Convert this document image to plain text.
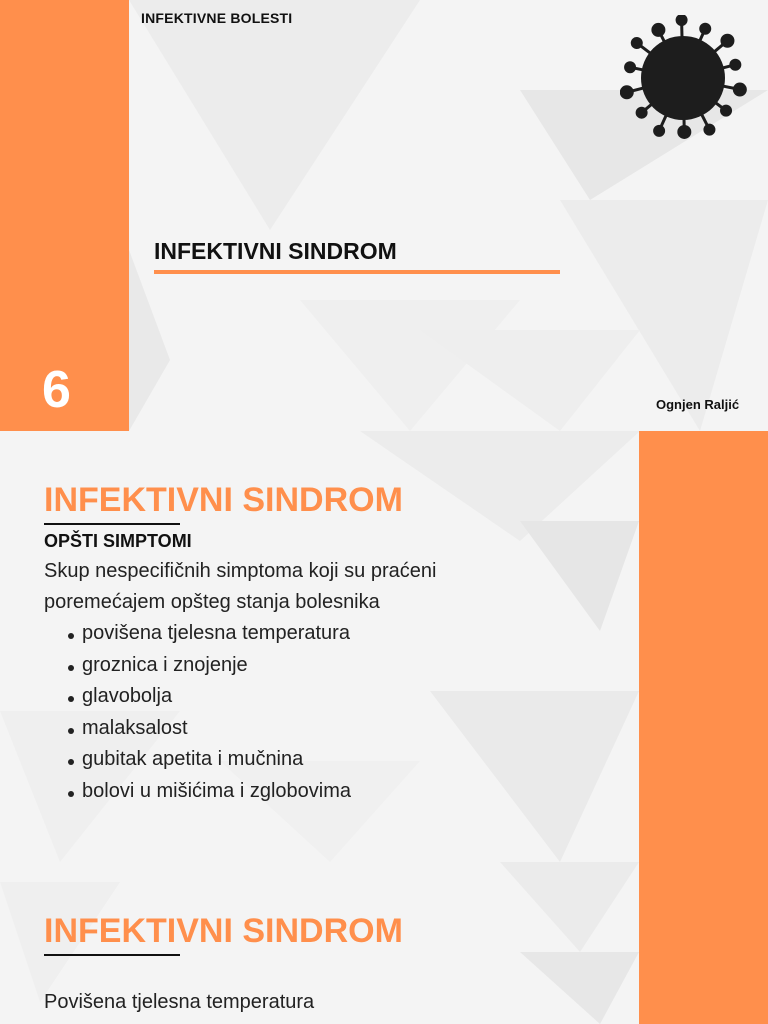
INFEKTIVNE BOLESTI
INFEKTIVNI SINDROM
6	Ognjen Raljić
INFEKTIVNI SINDROM
OPŠTI SIMPTOMI
Skup nespecifičnih simptoma koji su praćeni
poremećajem opšteg stanja bolesnika
povišena tjelesna temperatura
groznica i znojenje
glavobolja
malaksalost
gubitak apetita i mučnina
bolovi u mišićima i zglobovima
INFEKTIVNI SINDROM
Povišena tjelesna temperatura
